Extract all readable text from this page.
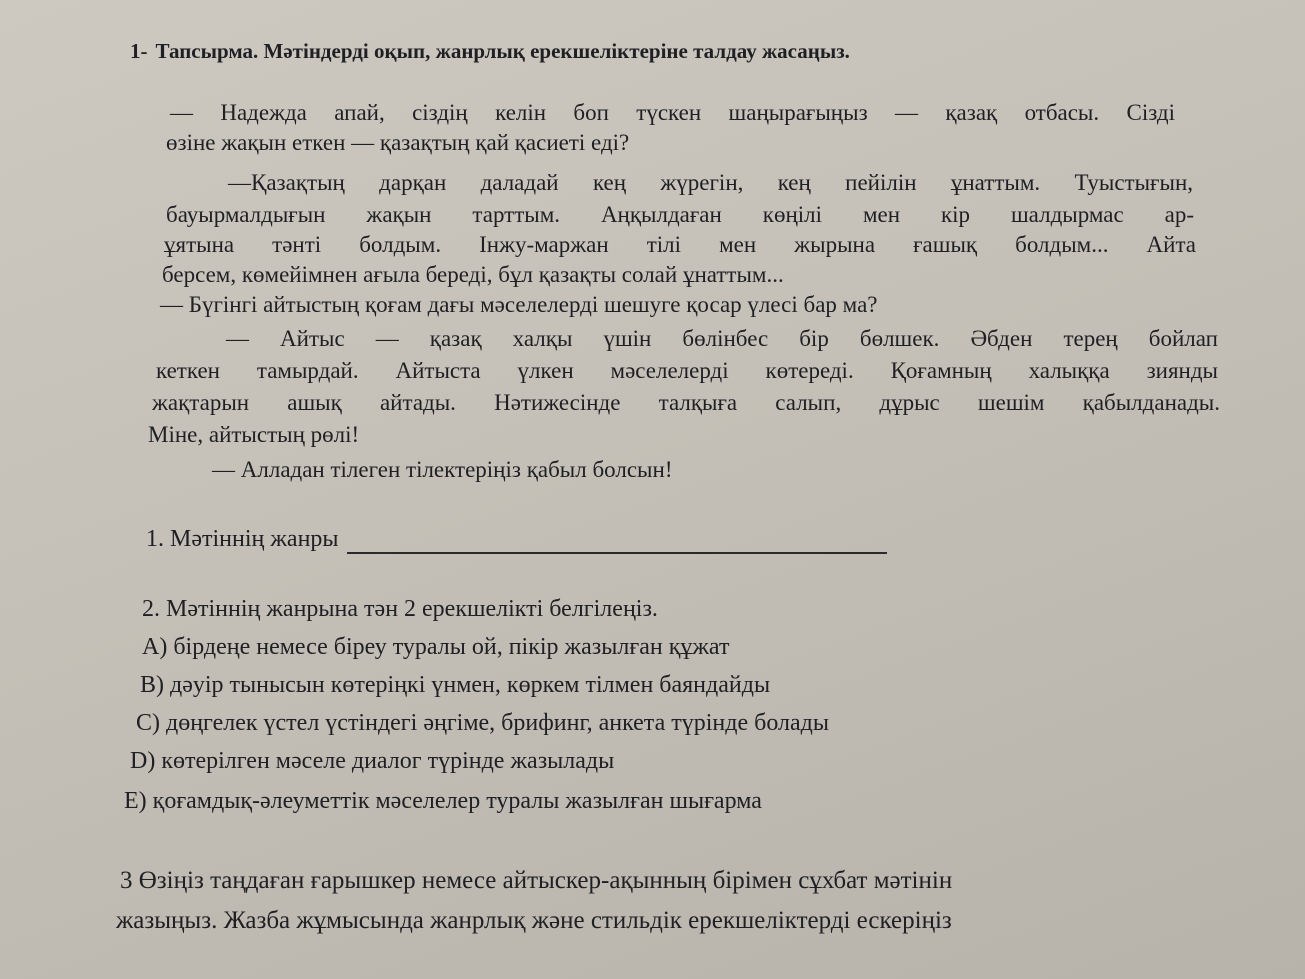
1- Тапсырма. Мәтіндерді оқып, жанрлық ерекшеліктеріне талдау жасаңыз.
— Надежда апай, сіздің келін боп түскен шаңырағыңыз — қазақ отбасы. Сізді
өзіне жақын еткен — қазақтың қай қасиеті еді?
—Қазақтың дарқан даладай кең жүрегін, кең пейілін ұнаттым. Туыстығын,
бауырмалдығын жақын тарттым. Аңқылдаған көңілі мен кір шалдырмас ар-
ұятына тәнті болдым. Інжу-маржан тілі мен жырына ғашық болдым... Айта
берсем, көмейімнен ағыла береді, бұл қазақты солай ұнаттым...
— Бүгінгі айтыстың қоғам дағы мәселелерді шешуге қосар үлесі бар ма?
— Айтыс — қазақ халқы үшін бөлінбес бір бөлшек. Әбден терең бойлап
кеткен тамырдай. Айтыста үлкен мәселелерді көтереді. Қоғамның халыққа зиянды
жақтарын ашық айтады. Нәтижесінде талқыға салып, дұрыс шешім қабылданады.
Міне, айтыстың рөлі!
— Алладан тілеген тілектеріңіз қабыл болсын!
1. Мәтіннің жанры
2. Мәтіннің жанрына тән 2 ерекшелікті белгілеңіз.
А) бірдеңе немесе біреу туралы ой, пікір жазылған құжат
В) дәуір тынысын көтеріңкі үнмен, көркем тілмен баяндайды
С) дөңгелек үстел үстіндегі әңгіме, брифинг, анкета түрінде болады
D) көтерілген мәселе диалог түрінде жазылады
Е) қоғамдық-әлеуметтік мәселелер туралы жазылған шығарма
3 Өзіңіз таңдаған ғарышкер немесе айтыскер-ақынның бірімен сұхбат мәтінін
жазыңыз. Жазба жұмысында жанрлық және стильдік ерекшеліктерді ескеріңіз
